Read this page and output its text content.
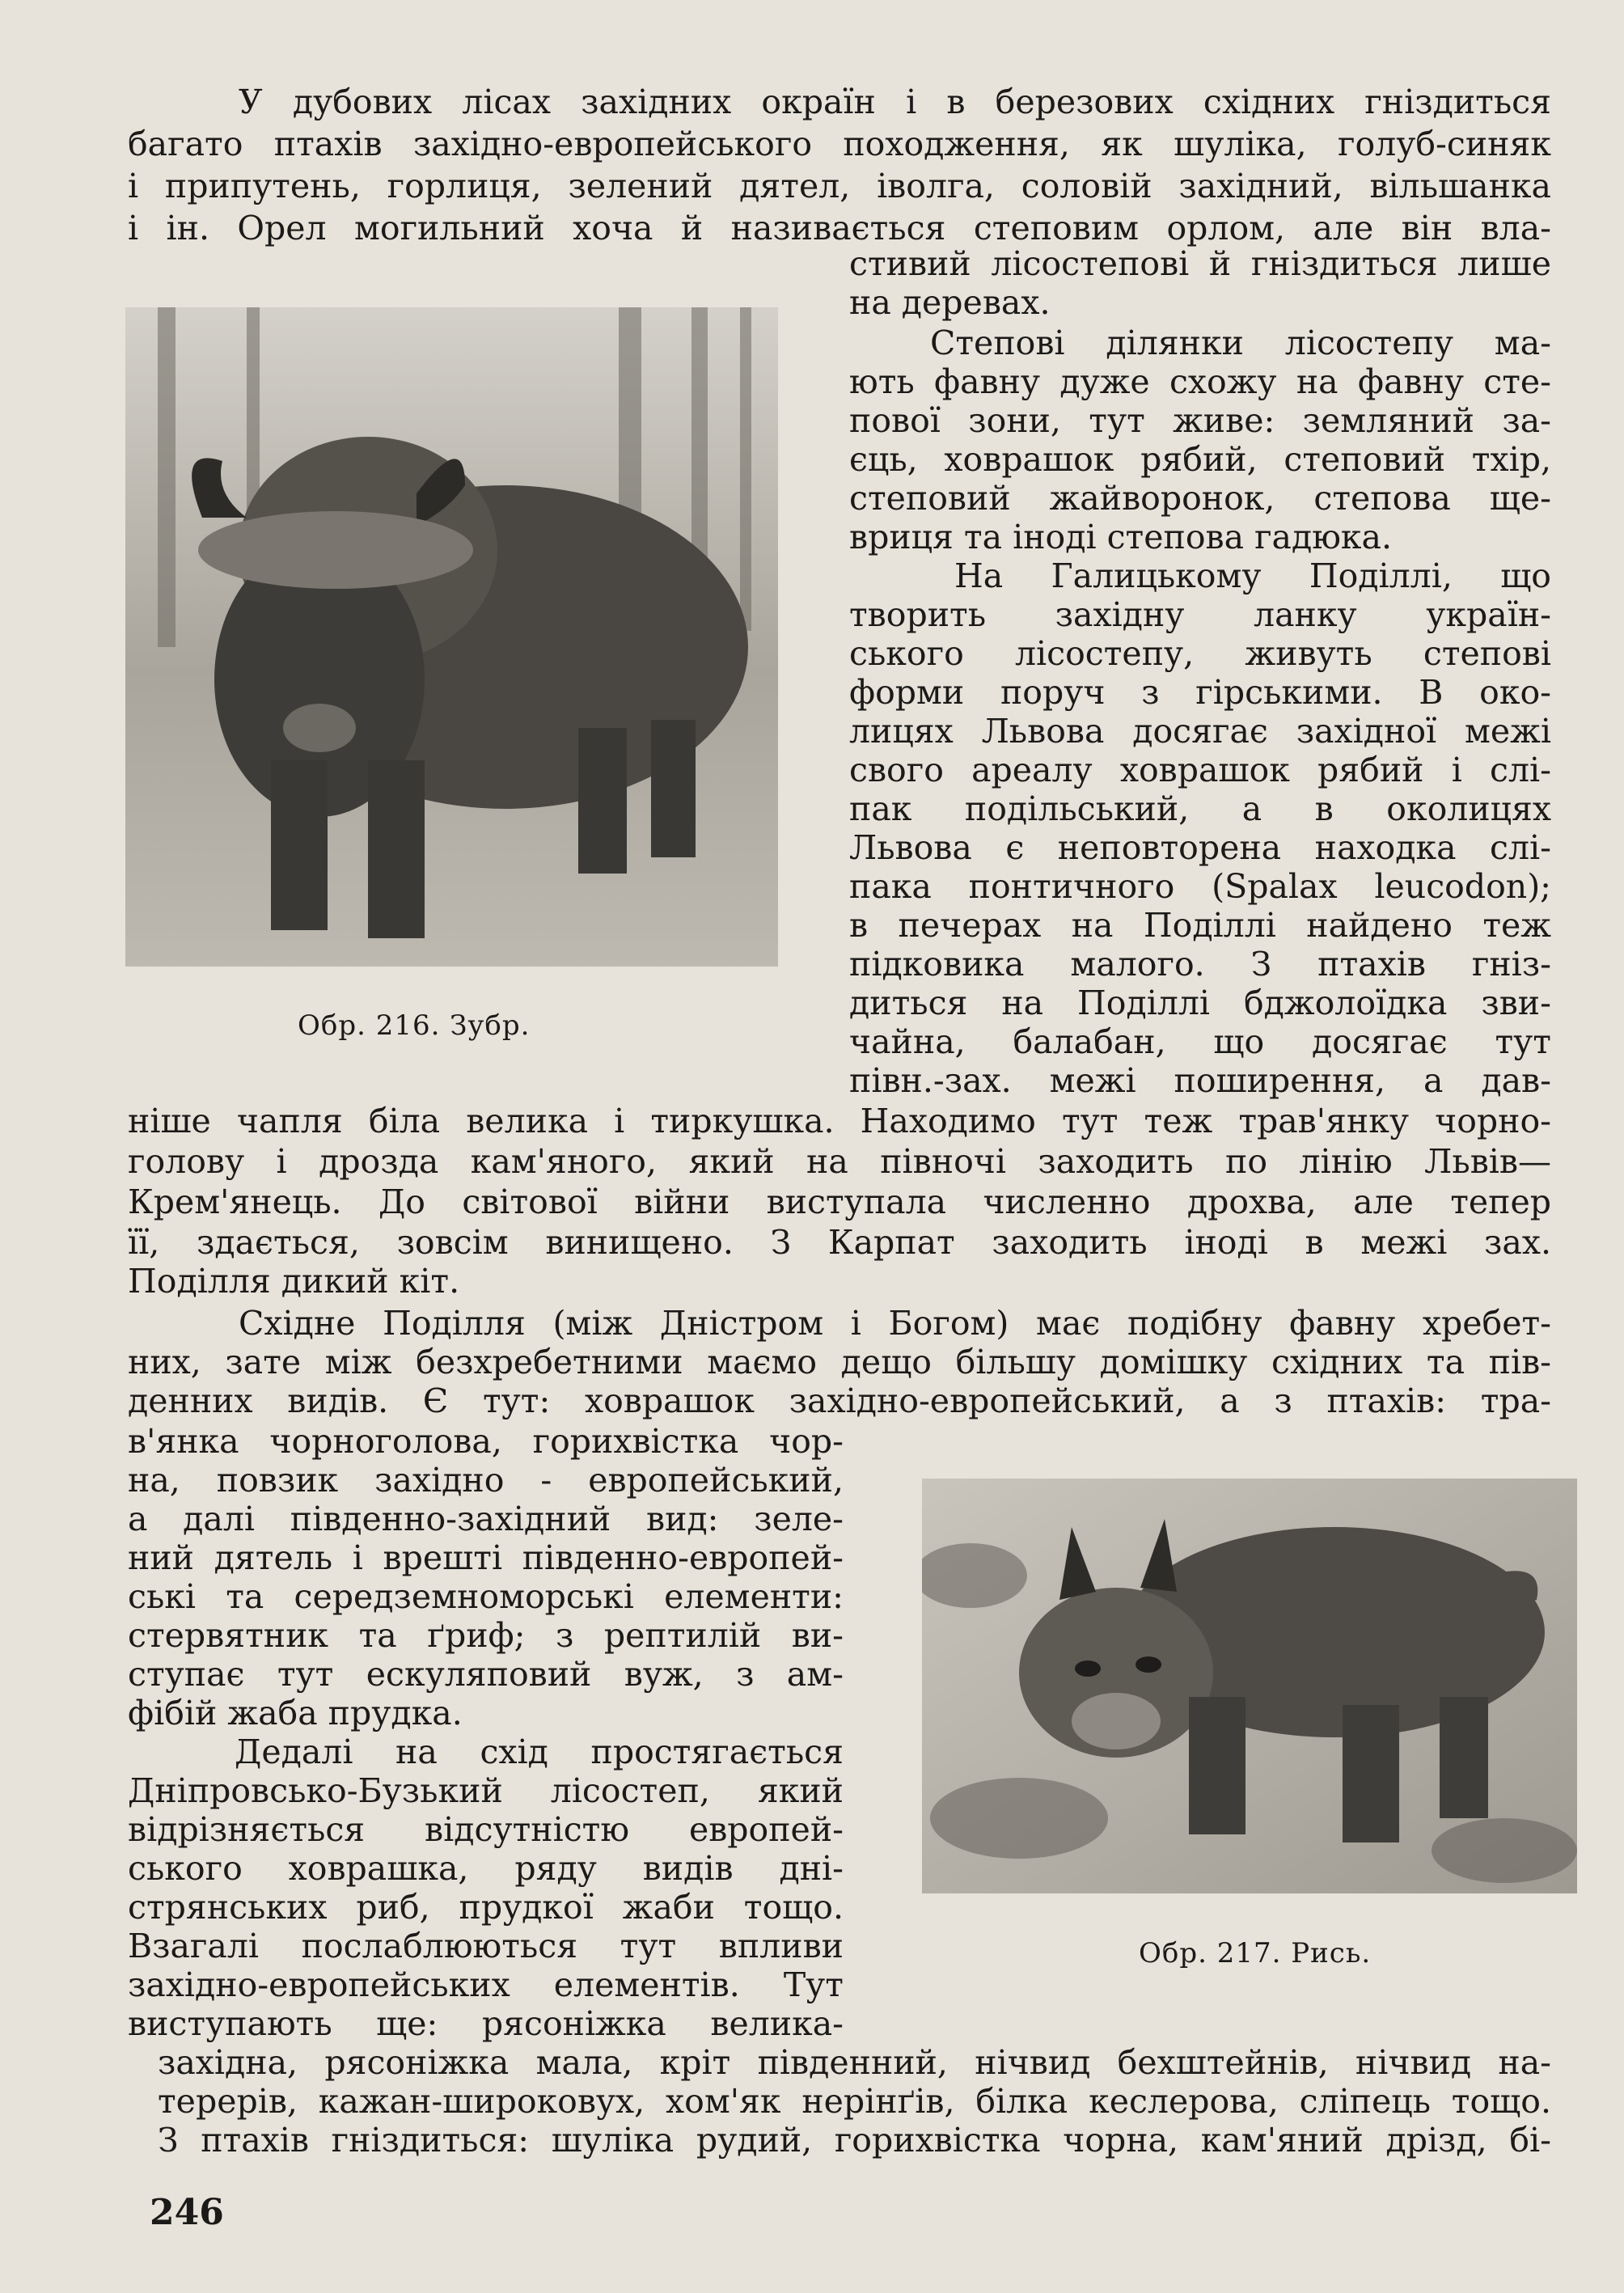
У дубових лісах західних окраїн і в березових східних гніздиться
багато птахів західно-европейського походження, як шуліка, голуб-синяк
і припутень, горлиця, зелений дятел, іволга, соловій західний, вільшанка
і ін. Орел могильний хоча й називається степовим орлом, але він вла-
Обр. 216. Зубр.
стивий лісостепові й гніздиться лише
на деревах.
Степові ділянки лісостепу ма-
ють фавну дуже схожу на фавну сте-
пової зони, тут живе: земляний за-
єць, ховрашок рябий, степовий тхір,
степовий жайворонок, степова ще-
вриця та іноді степова гадюка.
На Галицькому Поділлі, що
творить західну ланку україн-
ського лісостепу, живуть степові
форми поруч з гірськими. В око-
лицях Львова досягає західної межі
свого ареалу ховрашок рябий і слі-
пак подільський, а в околицях
Львова є неповторена находка слі-
пака понтичного (Spalax leucodon);
в печерах на Поділлі найдено теж
підковика малого. З птахів гніз-
диться на Поділлі бджолоїдка зви-
чайна, балабан, що досягає тут
півн.-зах. межі поширення, а дав-
ніше чапля біла велика і тиркушка. Находимо тут теж трав'янку чорно-
голову і дрозда кам'яного, який на півночі заходить по лінію Львів—
Крем'янець. До світової війни виступала численно дрохва, але тепер
її, здається, зовсім винищено. З Карпат заходить іноді в межі зах.
Поділля дикий кіт.
Східне Поділля (між Дністром і Богом) має подібну фавну хребет-
них, зате між безхребетними маємо дещо більшу домішку східних та пів-
денних видів. Є тут: ховрашок західно-европейський, а з птахів: тра-
в'янка чорноголова, горихвістка чор-
на, повзик західно - европейський,
а далі південно-західний вид: зеле-
ний дятель і врешті південно-европей-
ські та середземноморські елементи:
стервятник та ґриф; з рептилій ви-
ступає тут ескуляповий вуж, з ам-
фібій жаба прудка.
Дедалі на схід простягається
Дніпровсько-Бузький лісостеп, який
відрізняється відсутністю европей-
ського ховрашка, ряду видів дні-
стрянських риб, прудкої жаби тощо.
Взагалі послаблюються тут впливи
західно-европейських елементів. Тут
виступають ще: рясоніжка велика-
Обр. 217. Рись.
західна, рясоніжка мала, кріт південний, нічвид бехштейнів, нічвид на-
терерів, кажан-широковух, хом'як нерінґів, білка кеслерова, сліпець тощо.
З птахів гніздиться: шуліка рудий, горихвістка чорна, кам'яний дрізд, бі-
246
